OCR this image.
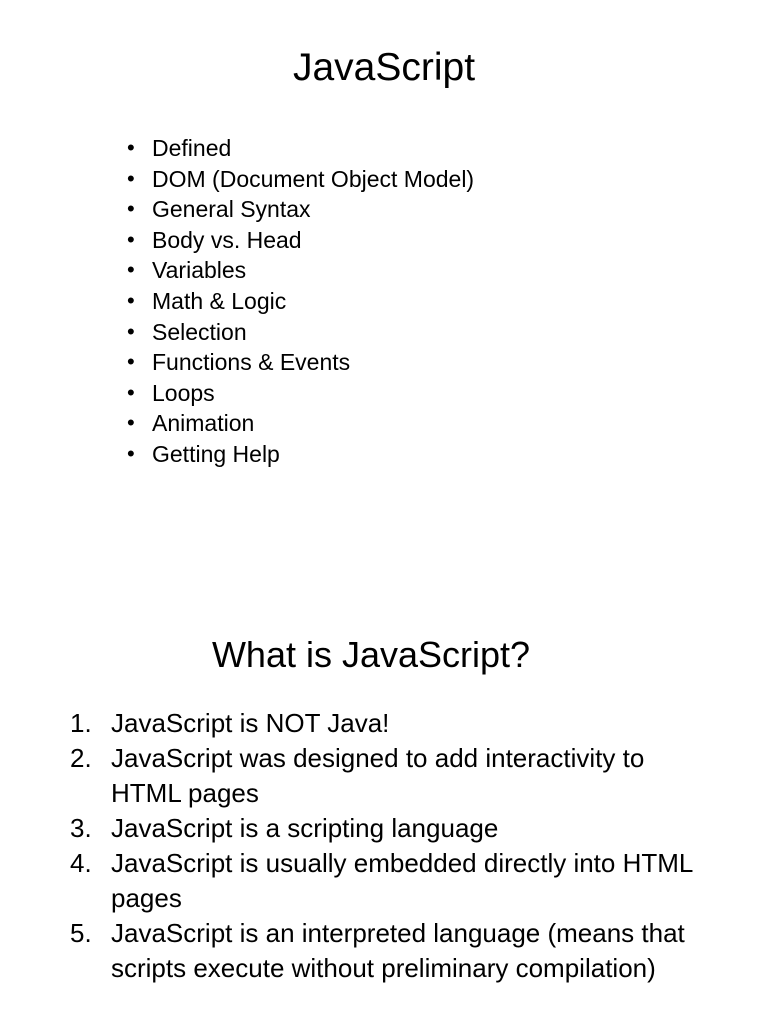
JavaScript
• Defined
• DOM (Document Object Model)
• General Syntax
• Body vs. Head
• Variables
• Math & Logic
• Selection
• Functions & Events
• Loops
• Animation
• Getting Help
What is JavaScript?
1. JavaScript is NOT Java!
2. JavaScript was designed to add interactivity to HTML pages
3. JavaScript is a scripting language
4. JavaScript is usually embedded directly into HTML pages
5. JavaScript is an interpreted language (means that scripts execute without preliminary compilation)
